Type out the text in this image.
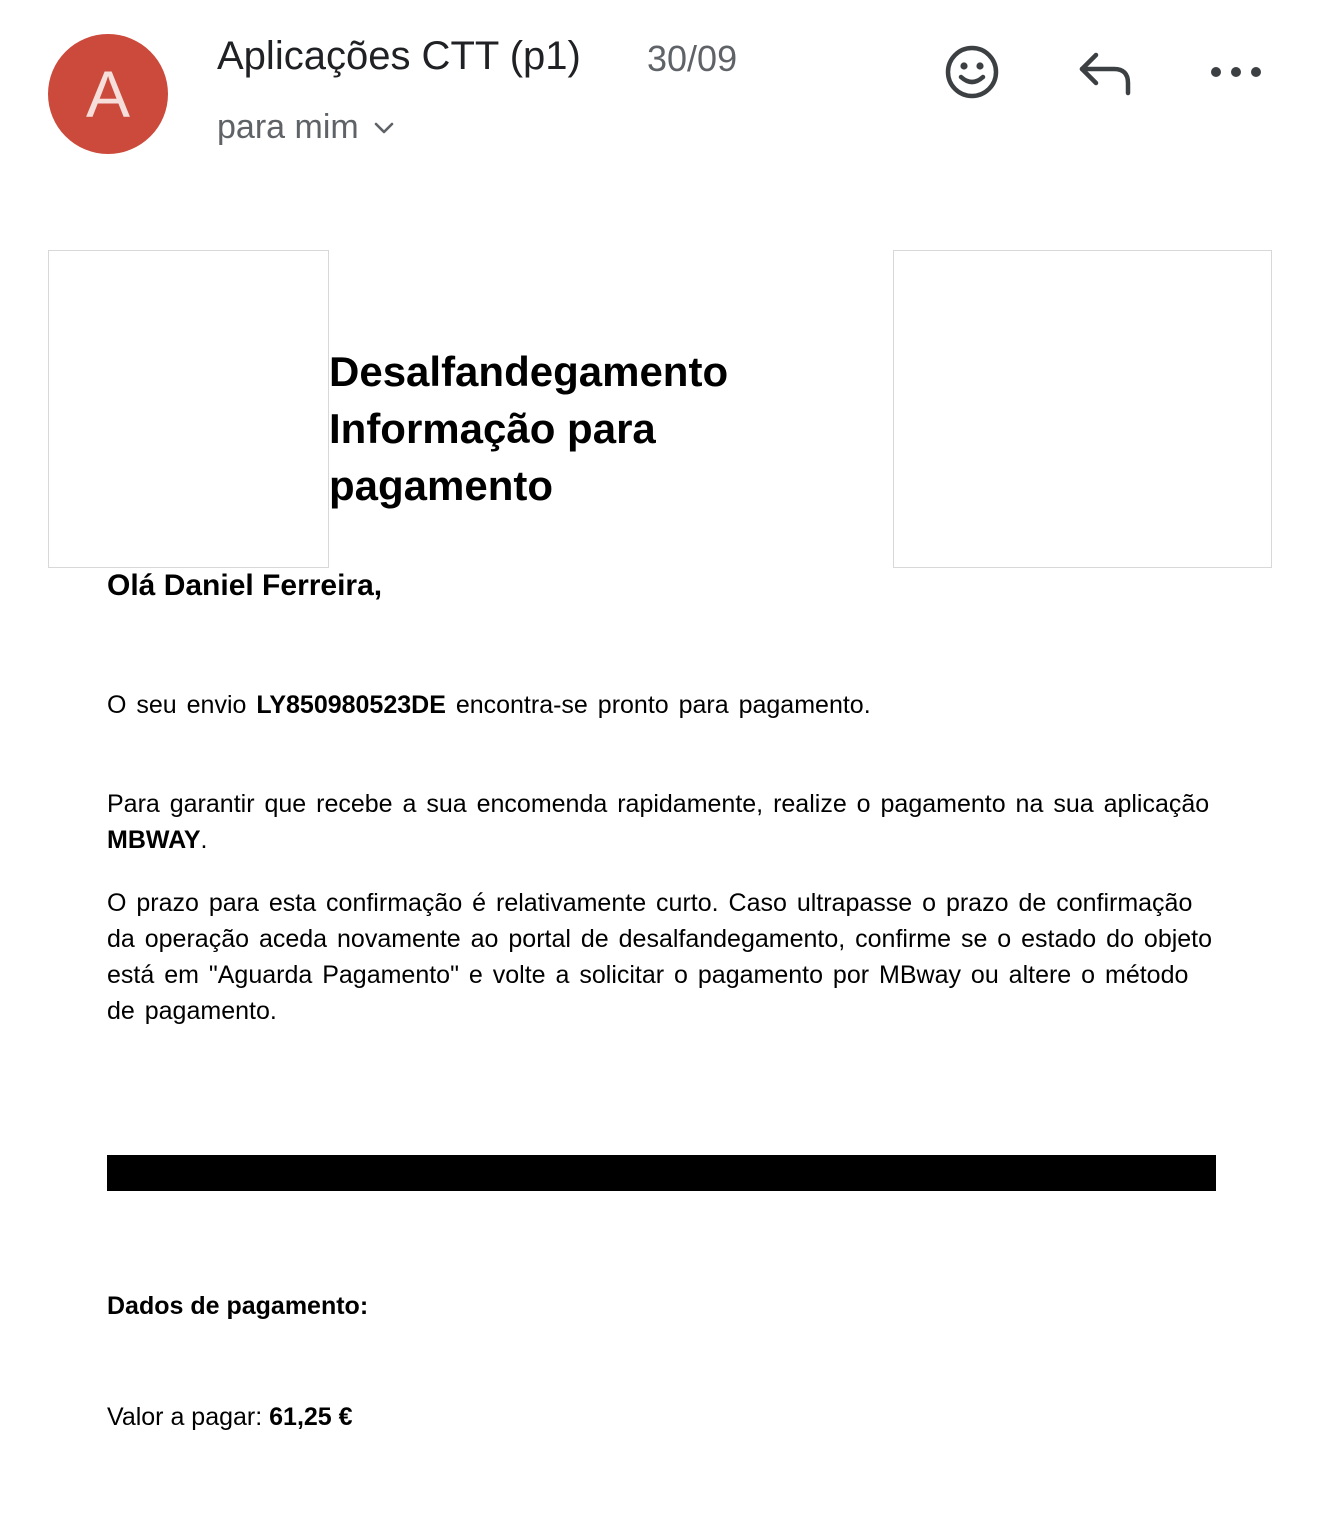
A
Aplicações CTT (p1) 30/09
para mim
Desalfandegamento
Informação para
pagamento
Olá Daniel Ferreira,
O seu envio LY850980523DE encontra-se pronto para pagamento.
Para garantir que recebe a sua encomenda rapidamente, realize o pagamento na sua aplicação MBWAY.
O prazo para esta confirmação é relativamente curto. Caso ultrapasse o prazo de confirmação da operação aceda novamente ao portal de desalfandegamento, confirme se o estado do objeto está em "Aguarda Pagamento" e volte a solicitar o pagamento por MBway ou altere o método de pagamento.
Dados de pagamento:
Valor a pagar: 61,25 €
